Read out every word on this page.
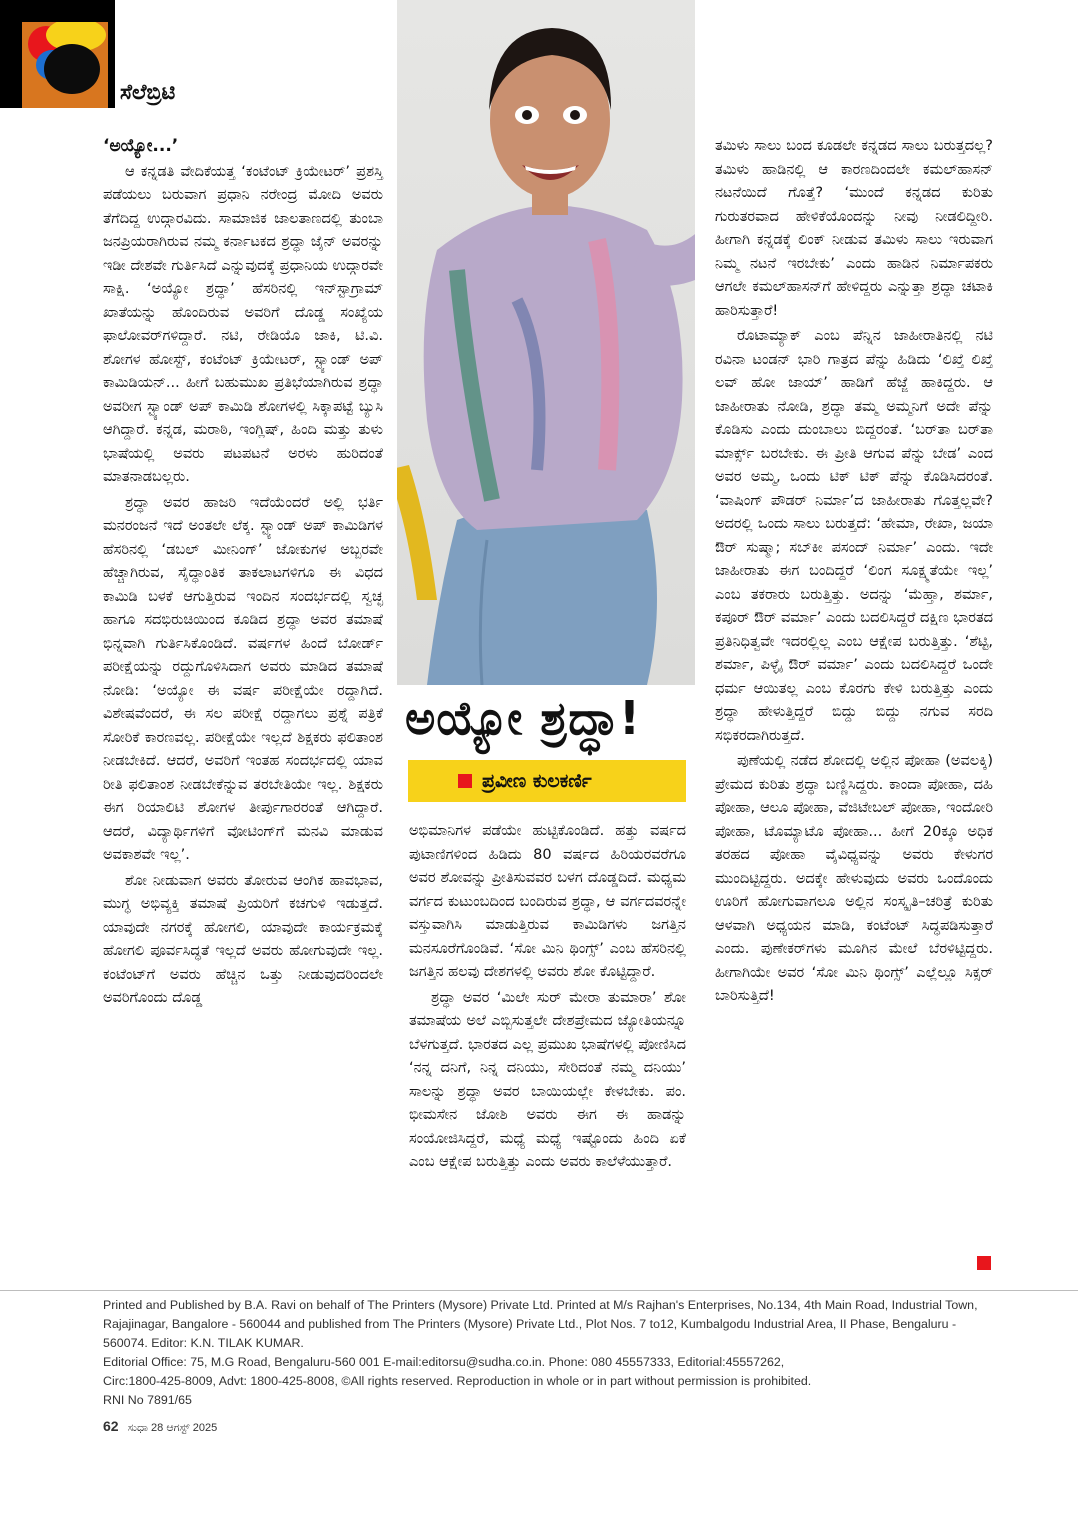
ಸೆಲೆಬ್ರಿಟಿ

‘ಅಯ್ಯೋ...’

ಆ ಕನ್ನಡತಿ ವೇದಿಕೆಯತ್ತ ‘ಕಂಟೆಂಟ್ ಕ್ರಿಯೇಟರ್’ ಪ್ರಶಸ್ತಿ ಪಡೆಯಲು ಬರುವಾಗ ಪ್ರಧಾನಿ ನರೇಂದ್ರ ಮೋದಿ ಅವರು ತೆಗೆದಿದ್ದ ಉದ್ಗಾರವಿದು. ಸಾಮಾಜಿಕ ಜಾಲತಾಣದಲ್ಲಿ ತುಂಬಾ ಜನಪ್ರಿಯರಾಗಿರುವ ನಮ್ಮ ಕರ್ನಾಟಕದ ಶ್ರದ್ಧಾ ಜೈನ್ ಅವರನ್ನು ಇಡೀ ದೇಶವೇ ಗುರ್ತಿಸಿದೆ ಎನ್ನುವುದಕ್ಕೆ ಪ್ರಧಾನಿಯ ಉದ್ಗಾರವೇ ಸಾಕ್ಷಿ. ‘ಅಯ್ಯೋ ಶ್ರದ್ಧಾ’ ಹೆಸರಿನಲ್ಲಿ ಇನ್‌ಸ್ಟಾಗ್ರಾಮ್ ಖಾತೆಯನ್ನು ಹೊಂದಿರುವ ಅವರಿಗೆ ದೊಡ್ಡ ಸಂಖ್ಯೆಯ ಫಾಲೋವರ್‌ಗಳಿದ್ದಾರೆ. ನಟಿ, ರೇಡಿಯೊ ಜಾಕಿ, ಟಿ.ವಿ. ಶೋಗಳ ಹೋಸ್ಟ್, ಕಂಟೆಂಟ್ ಕ್ರಿಯೇಟರ್, ಸ್ಟ್ಯಾಂಡ್ ಅಪ್ ಕಾಮಿಡಿಯನ್... ಹೀಗೆ ಬಹುಮುಖ ಪ್ರತಿಭೆಯಾಗಿರುವ ಶ್ರದ್ಧಾ ಅವರೀಗ ಸ್ಟ್ಯಾಂಡ್ ಅಪ್ ಕಾಮಿಡಿ ಶೋಗಳಲ್ಲಿ ಸಿಕ್ಕಾಪಟ್ಟೆ ಬ್ಯುಸಿ ಆಗಿದ್ದಾರೆ. ಕನ್ನಡ, ಮರಾಠಿ, ಇಂಗ್ಲಿಷ್, ಹಿಂದಿ ಮತ್ತು ತುಳು ಭಾಷೆಯಲ್ಲಿ ಅವರು ಪಟಪಟನೆ ಅರಳು ಹುರಿದಂತೆ ಮಾತನಾಡಬಲ್ಲರು.

ಶ್ರದ್ಧಾ ಅವರ ಹಾಜರಿ ಇದೆಯೆಂದರೆ ಅಲ್ಲಿ ಭರ್ತಿ ಮನರಂಜನೆ ಇದೆ ಅಂತಲೇ ಲೆಕ್ಕ. ಸ್ಟ್ಯಾಂಡ್ ಅಪ್ ಕಾಮಿಡಿಗಳ ಹೆಸರಿನಲ್ಲಿ ‘ಡಬಲ್ ಮೀನಿಂಗ್’ ಜೋಕುಗಳ ಅಬ್ಬರವೇ ಹೆಚ್ಚಾಗಿರುವ, ಸೈದ್ಧಾಂತಿಕ ತಾಕಲಾಟಗಳಿಗೂ ಈ ವಿಧದ ಕಾಮಿಡಿ ಬಳಕೆ ಆಗುತ್ತಿರುವ ಇಂದಿನ ಸಂದರ್ಭದಲ್ಲಿ ಸ್ವಚ್ಛ ಹಾಗೂ ಸದಭಿರುಚಿಯಿಂದ ಕೂಡಿದ ಶ್ರದ್ಧಾ ಅವರ ತಮಾಷೆ ಭಿನ್ನವಾಗಿ ಗುರ್ತಿಸಿಕೊಂಡಿದೆ. ವರ್ಷಗಳ ಹಿಂದೆ ಬೋರ್ಡ್ ಪರೀಕ್ಷೆಯನ್ನು ರದ್ದುಗೊಳಿಸಿದಾಗ ಅವರು ಮಾಡಿದ ತಮಾಷೆ ನೋಡಿ: ‘ಅಯ್ಯೋ ಈ ವರ್ಷ ಪರೀಕ್ಷೆಯೇ ರದ್ದಾಗಿದೆ. ವಿಶೇಷವೆಂದರೆ, ಈ ಸಲ ಪರೀಕ್ಷೆ ರದ್ದಾಗಲು ಪ್ರಶ್ನೆ ಪತ್ರಿಕೆ ಸೋರಿಕೆ ಕಾರಣವಲ್ಲ. ಪರೀಕ್ಷೆಯೇ ಇಲ್ಲದೆ ಶಿಕ್ಷಕರು ಫಲಿತಾಂಶ ನೀಡಬೇಕಿದೆ. ಆದರೆ, ಅವರಿಗೆ ಇಂತಹ ಸಂದರ್ಭದಲ್ಲಿ ಯಾವ ರೀತಿ ಫಲಿತಾಂಶ ನೀಡಬೇಕೆನ್ನುವ ತರಬೇತಿಯೇ ಇಲ್ಲ. ಶಿಕ್ಷಕರು ಈಗ ರಿಯಾಲಿಟಿ ಶೋಗಳ ತೀರ್ಪುಗಾರರಂತೆ ಆಗಿದ್ದಾರೆ. ಆದರೆ, ವಿದ್ಯಾರ್ಥಿಗಳಿಗೆ ವೋಟಿಂಗ್‌ಗೆ ಮನವಿ ಮಾಡುವ ಅವಕಾಶವೇ ಇಲ್ಲ’.

ಶೋ ನೀಡುವಾಗ ಅವರು ತೋರುವ ಆಂಗಿಕ ಹಾವಭಾವ, ಮುಗ್ಧ ಅಭಿವ್ಯಕ್ತಿ ತಮಾಷೆ ಪ್ರಿಯರಿಗೆ ಕಚಗುಳಿ ಇಡುತ್ತದೆ. ಯಾವುದೇ ನಗರಕ್ಕೆ ಹೋಗಲಿ, ಯಾವುದೇ ಕಾರ್ಯಕ್ರಮಕ್ಕೆ ಹೋಗಲಿ ಪೂರ್ವಸಿದ್ಧತೆ ಇಲ್ಲದೆ ಅವರು ಹೋಗುವುದೇ ಇಲ್ಲ. ಕಂಟೆಂಟ್‌ಗೆ ಅವರು ಹೆಚ್ಚಿನ ಒತ್ತು ನೀಡುವುದರಿಂದಲೇ ಅವರಿಗೊಂದು ದೊಡ್ಡ

ಅಯ್ಯೋ ಶ್ರದ್ಧಾ!
ಪ್ರವೀಣ ಕುಲಕರ್ಣಿ

ಅಭಿಮಾನಿಗಳ ಪಡೆಯೇ ಹುಟ್ಟಿಕೊಂಡಿದೆ. ಹತ್ತು ವರ್ಷದ ಪುಟಾಣಿಗಳಿಂದ ಹಿಡಿದು 80 ವರ್ಷದ ಹಿರಿಯರವರೆಗೂ ಅವರ ಶೋವನ್ನು ಪ್ರೀತಿಸುವವರ ಬಳಗ ದೊಡ್ಡದಿದೆ. ಮಧ್ಯಮ ವರ್ಗದ ಕುಟುಂಬದಿಂದ ಬಂದಿರುವ ಶ್ರದ್ಧಾ, ಆ ವರ್ಗದವರನ್ನೇ ವಸ್ತುವಾಗಿಸಿ ಮಾಡುತ್ತಿರುವ ಕಾಮಿಡಿಗಳು ಜಗತ್ತಿನ ಮನಸೂರೆಗೊಂಡಿವೆ. ‘ಸೋ ಮಿನಿ ಥಿಂಗ್ಸ್’ ಎಂಬ ಹೆಸರಿನಲ್ಲಿ ಜಗತ್ತಿನ ಹಲವು ದೇಶಗಳಲ್ಲಿ ಅವರು ಶೋ ಕೊಟ್ಟಿದ್ದಾರೆ.

ಶ್ರದ್ಧಾ ಅವರ ‘ಮಿಲೇ ಸುರ್ ಮೇರಾ ತುಮಾರಾ’ ಶೋ ತಮಾಷೆಯ ಅಲೆ ಎಬ್ಬಿಸುತ್ತಲೇ ದೇಶಪ್ರೇಮದ ಜ್ಯೋತಿಯನ್ನೂ ಬೆಳಗುತ್ತದೆ. ಭಾರತದ ಎಲ್ಲ ಪ್ರಮುಖ ಭಾಷೆಗಳಲ್ಲಿ ಪೋಣಿಸಿದ ‘ನನ್ನ ದನಿಗೆ, ನಿನ್ನ ದನಿಯು, ಸೇರಿದಂತೆ ನಮ್ಮ ದನಿಯು’ ಸಾಲನ್ನು ಶ್ರದ್ಧಾ ಅವರ ಬಾಯಿಯಲ್ಲೇ ಕೇಳಬೇಕು. ಪಂ. ಭೀಮಸೇನ ಜೋಶಿ ಅವರು ಈಗ ಈ ಹಾಡನ್ನು ಸಂಯೋಜಿಸಿದ್ದರೆ, ಮಧ್ಯೆ ಮಧ್ಯೆ ಇಷ್ಟೊಂದು ಹಿಂದಿ ಏಕೆ ಎಂಬ ಆಕ್ಷೇಪ ಬರುತ್ತಿತ್ತು ಎಂದು ಅವರು ಕಾಲೆಳೆಯುತ್ತಾರೆ.

ತಮಿಳು ಸಾಲು ಬಂದ ಕೂಡಲೇ ಕನ್ನಡದ ಸಾಲು ಬರುತ್ತದಲ್ಲ? ತಮಿಳು ಹಾಡಿನಲ್ಲಿ ಆ ಕಾರಣದಿಂದಲೇ ಕಮಲ್‌ಹಾಸನ್ ನಟನೆಯಿದೆ ಗೊತ್ತೆ? ‘ಮುಂದೆ ಕನ್ನಡದ ಕುರಿತು ಗುರುತರವಾದ ಹೇಳಿಕೆಯೊಂದನ್ನು ನೀವು ನೀಡಲಿದ್ದೀರಿ. ಹೀಗಾಗಿ ಕನ್ನಡಕ್ಕೆ ಲಿಂಕ್ ನೀಡುವ ತಮಿಳು ಸಾಲು ಇರುವಾಗ ನಿಮ್ಮ ನಟನೆ ಇರಬೇಕು’ ಎಂದು ಹಾಡಿನ ನಿರ್ಮಾಪಕರು ಆಗಲೇ ಕಮಲ್‌ಹಾಸನ್‌ಗೆ ಹೇಳಿದ್ದರು ಎನ್ನುತ್ತಾ ಶ್ರದ್ಧಾ ಚಟಾಕಿ ಹಾರಿಸುತ್ತಾರೆ!

ರೊಟಾಮ್ಯಾಕ್ ಎಂಬ ಪೆನ್ನಿನ ಜಾಹೀರಾತಿನಲ್ಲಿ ನಟಿ ರವಿನಾ ಟಂಡನ್ ಭಾರಿ ಗಾತ್ರದ ಪೆನ್ನು ಹಿಡಿದು ‘ಲಿಖ್ತೆ ಲಿಖ್ತೆ ಲವ್ ಹೋ ಜಾಯ್’ ಹಾಡಿಗೆ ಹೆಜ್ಜೆ ಹಾಕಿದ್ದರು. ಆ ಜಾಹೀರಾತು ನೋಡಿ, ಶ್ರದ್ಧಾ ತಮ್ಮ ಅಮ್ಮನಿಗೆ ಅದೇ ಪೆನ್ನು ಕೊಡಿಸು ಎಂದು ದುಂಬಾಲು ಬಿದ್ದರಂತೆ. ‘ಬರ್‌ತಾ ಬರ್‌ತಾ ಮಾರ್ಕ್ಸ್ ಬರಬೇಕು. ಈ ಪ್ರೀತಿ ಆಗುವ ಪೆನ್ನು ಬೇಡ’ ಎಂದ ಅವರ ಅಮ್ಮ, ಒಂದು ಟಿಕ್ ಟಿಕ್ ಪೆನ್ನು ಕೊಡಿಸಿದರಂತೆ. ‘ವಾಷಿಂಗ್ ಪೌಡರ್ ನಿರ್ಮಾ’ದ ಜಾಹೀರಾತು ಗೊತ್ತಲ್ಲವೇ? ಅದರಲ್ಲಿ ಒಂದು ಸಾಲು ಬರುತ್ತದೆ: ‘ಹೇಮಾ, ರೇಖಾ, ಜಯಾ ಔರ್ ಸುಷ್ಮಾ; ಸಬ್‌ಕೀ ಪಸಂದ್ ನಿರ್ಮಾ’ ಎಂದು. ಇದೇ ಜಾಹೀರಾತು ಈಗ ಬಂದಿದ್ದರೆ ‘ಲಿಂಗ ಸೂಕ್ಷ್ಮತೆಯೇ ಇಲ್ಲ’ ಎಂಬ ತಕರಾರು ಬರುತ್ತಿತ್ತು. ಅದನ್ನು ‘ಮೆಹ್ತಾ, ಶರ್ಮಾ, ಕಪೂರ್ ಔರ್ ವರ್ಮಾ’ ಎಂದು ಬದಲಿಸಿದ್ದರೆ ದಕ್ಷಿಣ ಭಾರತದ ಪ್ರತಿನಿಧಿತ್ವವೇ ಇದರಲ್ಲಿಲ್ಲ ಎಂಬ ಆಕ್ಷೇಪ ಬರುತ್ತಿತ್ತು. ‘ಶೆಟ್ಟಿ, ಶರ್ಮಾ, ಪಿಳ್ಳೈ ಔರ್ ವರ್ಮಾ’ ಎಂದು ಬದಲಿಸಿದ್ದರೆ ಒಂದೇ ಧರ್ಮ ಆಯಿತಲ್ಲ ಎಂಬ ಕೊರಗು ಕೇಳಿ ಬರುತ್ತಿತ್ತು ಎಂದು ಶ್ರದ್ಧಾ ಹೇಳುತ್ತಿದ್ದರೆ ಬಿದ್ದು ಬಿದ್ದು ನಗುವ ಸರದಿ ಸಭಿಕರದಾಗಿರುತ್ತದೆ.

ಪುಣೆಯಲ್ಲಿ ನಡೆದ ಶೋದಲ್ಲಿ ಅಲ್ಲಿನ ಪೋಹಾ (ಅವಲಕ್ಕಿ) ಪ್ರೇಮದ ಕುರಿತು ಶ್ರದ್ಧಾ ಬಣ್ಣಿಸಿದ್ದರು. ಕಾಂದಾ ಪೋಹಾ, ದಹಿ ಪೋಹಾ, ಆಲೂ ಪೋಹಾ, ವೆಜಿಟೇಬಲ್ ಪೋಹಾ, ಇಂದೋರಿ ಪೋಹಾ, ಟೊಮ್ಯಾಟೊ ಪೋಹಾ... ಹೀಗೆ 20ಕ್ಕೂ ಅಧಿಕ ತರಹದ ಪೋಹಾ ವೈವಿಧ್ಯವನ್ನು ಅವರು ಕೇಳುಗರ ಮುಂದಿಟ್ಟಿದ್ದರು. ಅದಕ್ಕೇ ಹೇಳುವುದು ಅವರು ಒಂದೊಂದು ಊರಿಗೆ ಹೋಗುವಾಗಲೂ ಅಲ್ಲಿನ ಸಂಸ್ಕೃತಿ–ಚರಿತ್ರೆ ಕುರಿತು ಆಳವಾಗಿ ಅಧ್ಯಯನ ಮಾಡಿ, ಕಂಟೆಂಟ್ ಸಿದ್ಧಪಡಿಸುತ್ತಾರೆ ಎಂದು. ಪುಣೇಕರ್‌ಗಳು ಮೂಗಿನ ಮೇಲೆ ಬೆರಳಿಟ್ಟಿದ್ದರು. ಹೀಗಾಗಿಯೇ ಅವರ ‘ಸೋ ಮಿನಿ ಥಿಂಗ್ಸ್’ ಎಲ್ಲೆಲ್ಲೂ ಸಿಕ್ಸರ್ ಬಾರಿಸುತ್ತಿದೆ!

Printed and Published by B.A. Ravi on behalf of The Printers (Mysore) Private Ltd. Printed at M/s Rajhan's Enterprises, No.134, 4th Main Road, Industrial Town, Rajajinagar, Bangalore - 560044 and published from The Printers (Mysore) Private Ltd., Plot Nos. 7 to12, Kumbalgodu Industrial Area, II Phase, Bengaluru - 560074. Editor: K.N. TILAK KUMAR.

Editorial Office: 75, M.G Road, Bengaluru-560 001 E-mail:editorsu@sudha.co.in. Phone: 080 45557333, Editorial:45557262,

Circ:1800-425-8009, Advt: 1800-425-8008, ©All rights reserved. Reproduction in whole or in part without permission is prohibited.

RNI No 7891/65

62 ಸುಧಾ 28 ಆಗಸ್ಟ್ 2025
